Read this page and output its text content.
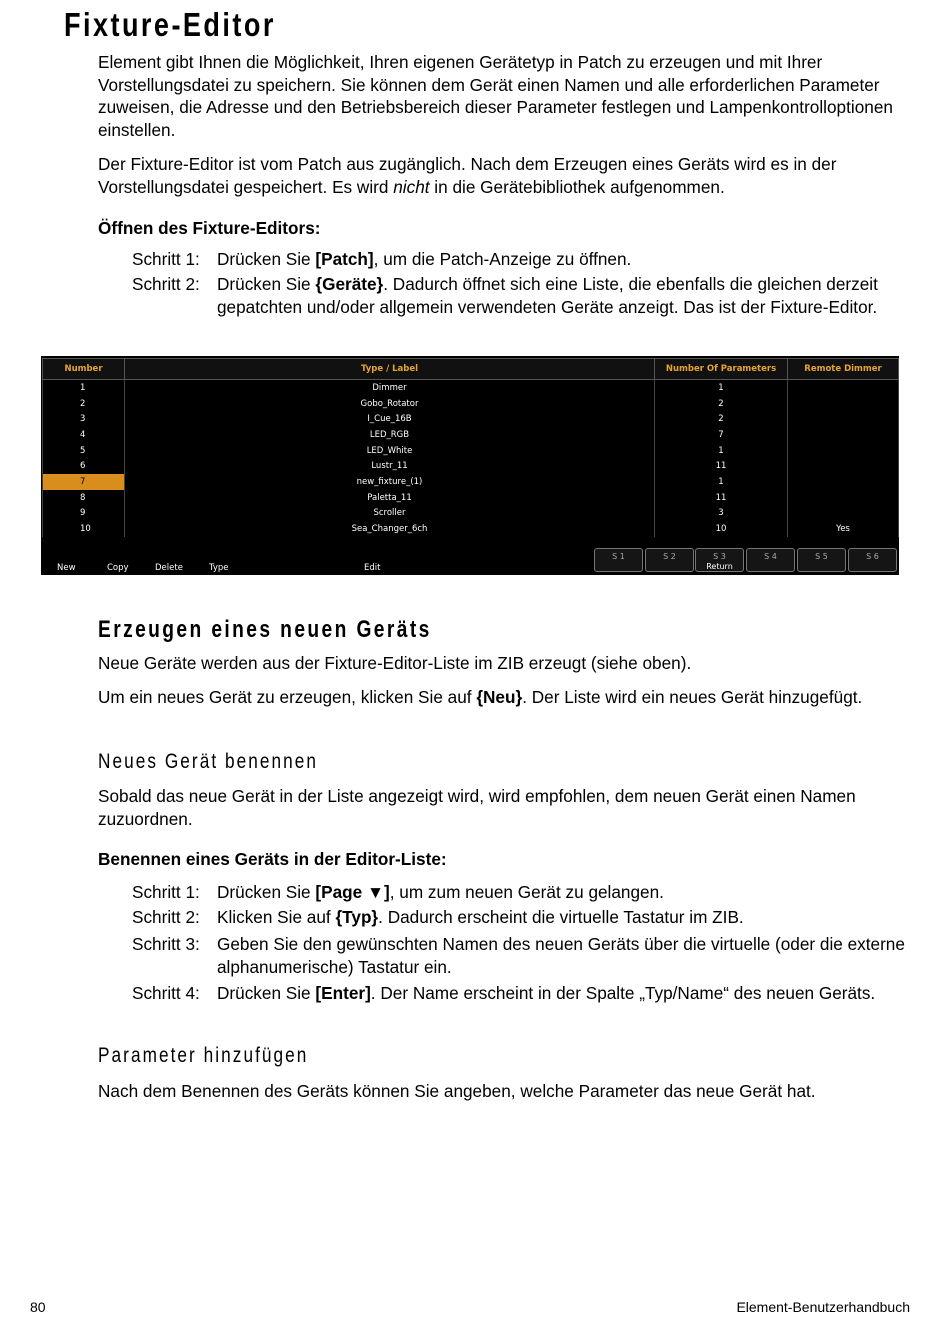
Fixture-Editor

Element gibt Ihnen die Möglichkeit, Ihren eigenen Gerätetyp in Patch zu erzeugen und mit Ihrer Vorstellungsdatei zu speichern. Sie können dem Gerät einen Namen und alle erforderlichen Parameter zuweisen, die Adresse und den Betriebsbereich dieser Parameter festlegen und Lampenkontrolloptionen einstellen.

Der Fixture-Editor ist vom Patch aus zugänglich. Nach dem Erzeugen eines Geräts wird es in der Vorstellungsdatei gespeichert. Es wird nicht in die Gerätebibliothek aufgenommen.

Öffnen des Fixture-Editors:

Schritt 1: Drücken Sie [Patch], um die Patch-Anzeige zu öffnen.
Schritt 2: Drücken Sie {Geräte}. Dadurch öffnet sich eine Liste, die ebenfalls die gleichen derzeit gepatchten und/oder allgemein verwendeten Geräte anzeigt. Das ist der Fixture-Editor.
Number	Type / Label	Number Of Parameters	Remote Dimmer
1	Dimmer	1	
2	Gobo_Rotator	2	
3	I_Cue_16B	2	
4	LED_RGB	7	
5	LED_White	1	
6	Lustr_11	11	
7	new_fixture_(1)	1	
8	Paletta_11	11	
9	Scroller	3	
10	Sea_Changer_6ch	10	Yes
New	Copy	Delete	Type	Edit
S 1	S 2	S 3
Return
S 4	S 5	S 6
Erzeugen eines neuen Geräts

Neue Geräte werden aus der Fixture-Editor-Liste im ZIB erzeugt (siehe oben).

Um ein neues Gerät zu erzeugen, klicken Sie auf {Neu}. Der Liste wird ein neues Gerät hinzugefügt.

Neues Gerät benennen

Sobald das neue Gerät in der Liste angezeigt wird, wird empfohlen, dem neuen Gerät einen Namen zuzuordnen.

Benennen eines Geräts in der Editor-Liste:

Schritt 1: Drücken Sie [Page ▼], um zum neuen Gerät zu gelangen.
Schritt 2: Klicken Sie auf {Typ}. Dadurch erscheint die virtuelle Tastatur im ZIB.
Schritt 3: Geben Sie den gewünschten Namen des neuen Geräts über die virtuelle (oder die externe alphanumerische) Tastatur ein.
Schritt 4: Drücken Sie [Enter]. Der Name erscheint in der Spalte „Typ/Name“ des neuen Geräts.
Parameter hinzufügen

Nach dem Benennen des Geräts können Sie angeben, welche Parameter das neue Gerät hat.

80	Element-Benutzerhandbuch
